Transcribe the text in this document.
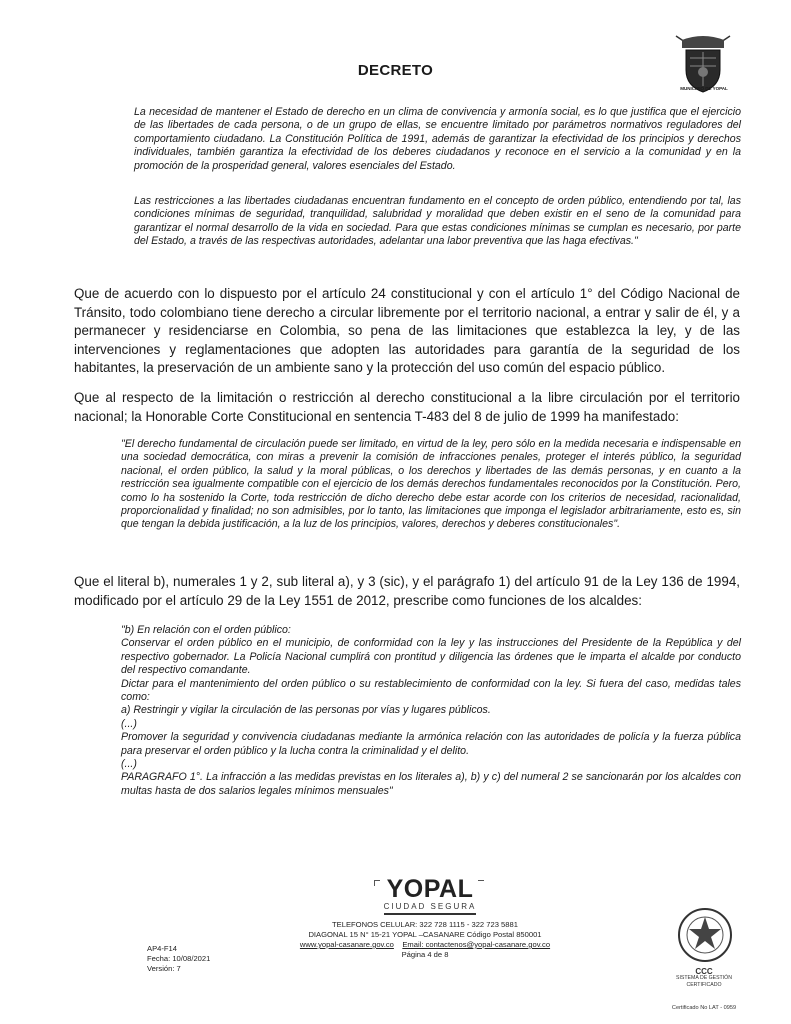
DECRETO
MUNICIPIO DE YOPAL
La necesidad de mantener el Estado de derecho en un clima de convivencia y armonía social, es lo que justifica que el ejercicio de las libertades de cada persona, o de un grupo de ellas, se encuentre limitado por parámetros normativos reguladores del comportamiento ciudadano. La Constitución Política de 1991, además de garantizar la efectividad de los principios y derechos individuales, también garantiza la efectividad de los deberes ciudadanos y reconoce en el servicio a la comunidad y en la promoción de la prosperidad general, valores esenciales del Estado.
Las restricciones a las libertades ciudadanas encuentran fundamento en el concepto de orden público, entendiendo por tal, las condiciones mínimas de seguridad, tranquilidad, salubridad y moralidad que deben existir en el seno de la comunidad para garantizar el normal desarrollo de la vida en sociedad. Para que estas condiciones mínimas se cumplan es necesario, por parte del Estado, a través de las respectivas autoridades, adelantar una labor preventiva que las haga efectivas."
Que de acuerdo con lo dispuesto por el artículo 24 constitucional y con el artículo 1° del Código Nacional de Tránsito, todo colombiano tiene derecho a circular libremente por el territorio nacional, a entrar y salir de él, y a permanecer y residenciarse en Colombia, so pena de las limitaciones que establezca la ley, y de las intervenciones y reglamentaciones que adopten las autoridades para garantía de la seguridad de los habitantes, la preservación de un ambiente sano y la protección del uso común del espacio público.
Que al respecto de la limitación o restricción al derecho constitucional a la libre circulación por el territorio nacional; la Honorable Corte Constitucional en sentencia T-483 del 8 de julio de 1999 ha manifestado:
"El derecho fundamental de circulación puede ser limitado, en virtud de la ley, pero sólo en la medida necesaria e indispensable en una sociedad democrática, con miras a prevenir la comisión de infracciones penales, proteger el interés público, la seguridad nacional, el orden público, la salud y la moral públicas, o los derechos y libertades de las demás personas, y en cuanto a la restricción sea igualmente compatible con el ejercicio de los demás derechos fundamentales reconocidos por la Constitución. Pero, como lo ha sostenido la Corte, toda restricción de dicho derecho debe estar acorde con los criterios de necesidad, racionalidad, proporcionalidad y finalidad; no son admisibles, por lo tanto, las limitaciones que imponga el legislador arbitrariamente, esto es, sin que tengan la debida justificación, a la luz de los principios, valores, derechos y deberes constitucionales".
Que el literal b), numerales 1 y 2, sub literal a), y 3 (sic), y el parágrafo 1) del artículo 91 de la Ley 136 de 1994, modificado por el artículo 29 de la Ley 1551 de 2012, prescribe como funciones de los alcaldes:

"b) En relación con el orden público:

Conservar el orden público en el municipio, de conformidad con la ley y las instrucciones del Presidente de la República y del respectivo gobernador. La Policía Nacional cumplirá con prontitud y diligencia las órdenes que le imparta el alcalde por conducto del respectivo comandante.

Dictar para el mantenimiento del orden público o su restablecimiento de conformidad con la ley. Si fuera del caso, medidas tales como:

a) Restringir y vigilar la circulación de las personas por vías y lugares públicos.

(...)

Promover la seguridad y convivencia ciudadanas mediante la armónica relación con las autoridades de policía y la fuerza pública para preservar el orden público y la lucha contra la criminalidad y el delito.

(...)

PARAGRAFO 1°. La infracción a las medidas previstas en los literales a), b) y c) del numeral 2 se sancionarán por los alcaldes con multas hasta de dos salarios legales mínimos mensuales"

YOPAL
CIUDAD SEGURA
AP4-F14
Fecha: 10/08/2021
Versión: 7
TELEFONOS CELULAR: 322 728 1115 - 322 723 5881
DIAGONAL 15 N° 15-21 YOPAL –CASANARE Código Postal 850001
www.yopal-casanare.gov.co Email: contactenos@yopal-casanare.gov.co
Página 4 de 8
CCC
SISTEMA DE GESTIÓN CERTIFICADO
Certificado No LAT - 0959
